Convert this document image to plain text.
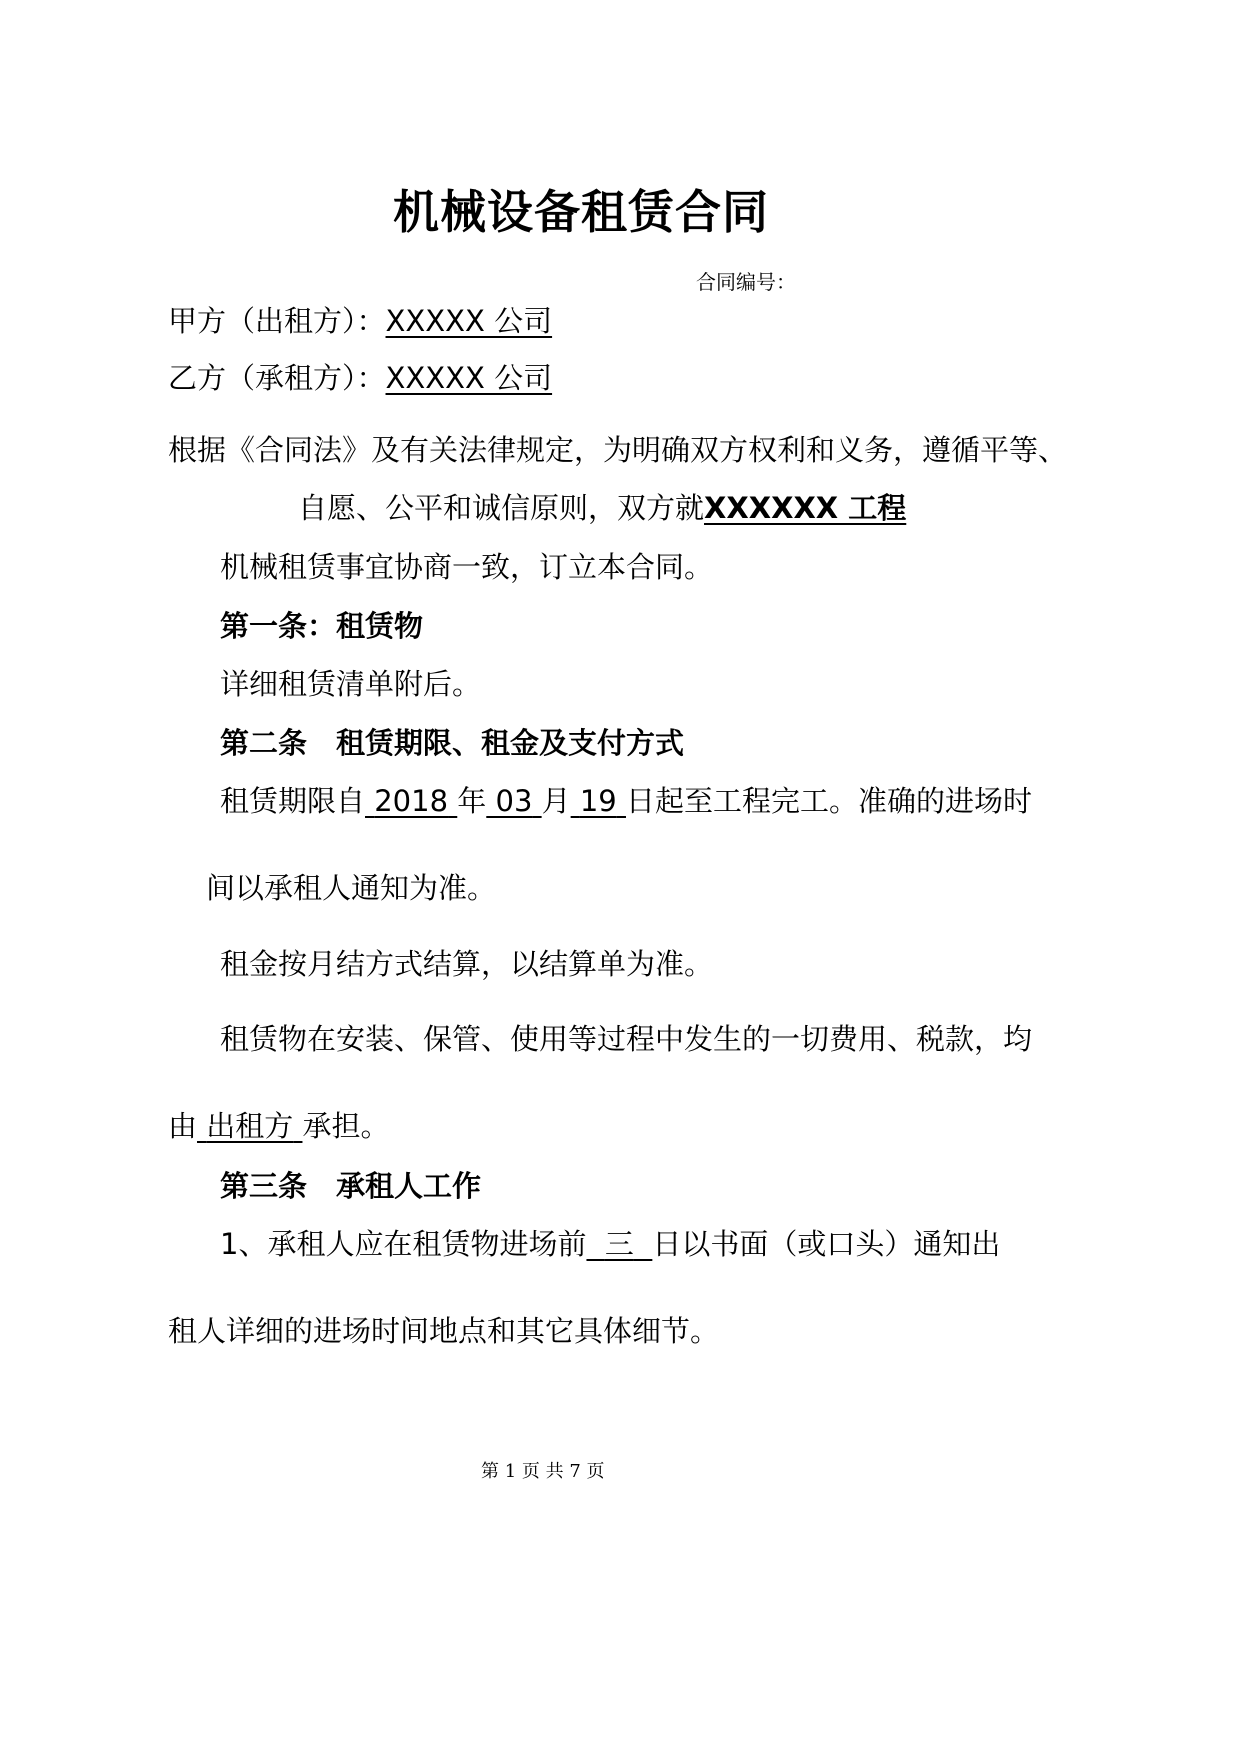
机械设备租赁合同
合同编号：
甲方（出租方）：XXXXX 公司
乙方（承租方）：XXXXX 公司
根据《合同法》及有关法律规定，为明确双方权利和义务，遵循平等、
自愿、公平和诚信原则，双方就XXXXXX 工程
机械租赁事宜协商一致，订立本合同。
第一条：租赁物
详细租赁清单附后。
第二条　租赁期限、租金及支付方式
租赁期限自 2018 年 03 月 19 日起至工程完工。准确的进场时
间以承租人通知为准。
租金按月结方式结算，以结算单为准。
租赁物在安装、保管、使用等过程中发生的一切费用、税款，均
由 出租方 承担。
第三条　承租人工作
1、承租人应在租赁物进场前 三 日以书面（或口头）通知出
租人详细的进场时间地点和其它具体细节。
第 1 页 共 7 页
